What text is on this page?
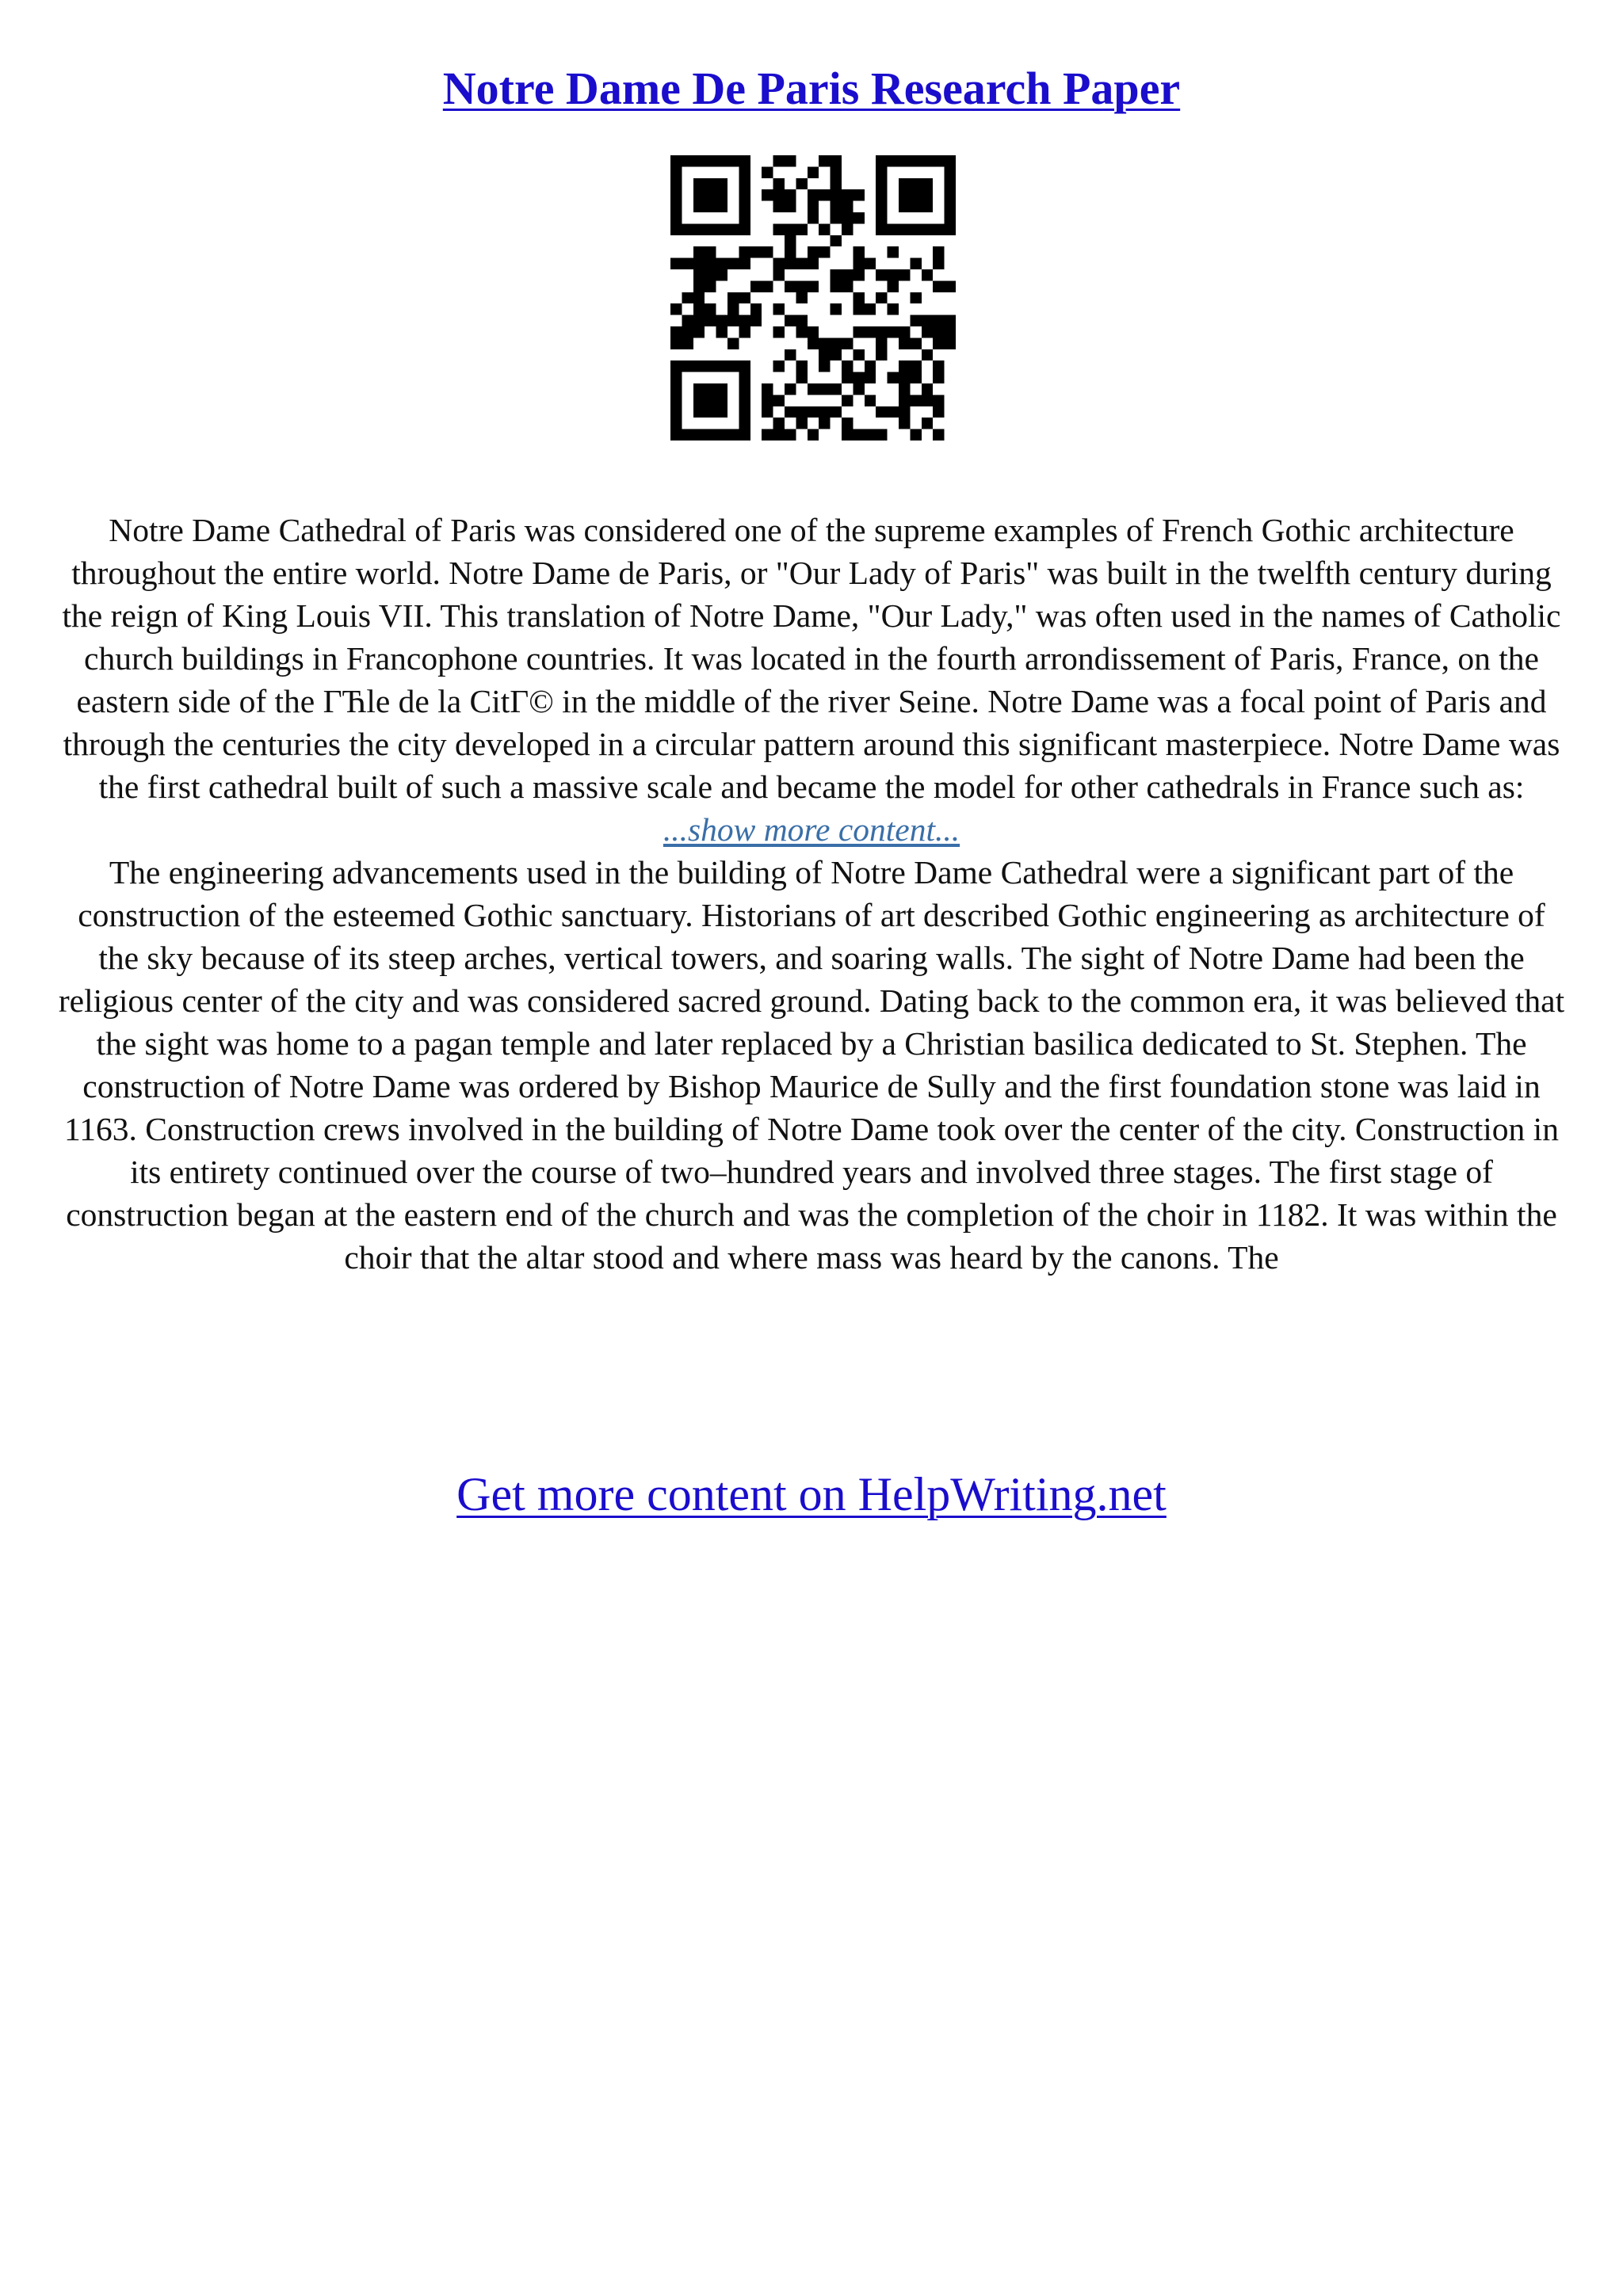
Notre Dame De Paris Research Paper

Notre Dame Cathedral of Paris was considered one of the supreme examples of French Gothic architecture throughout the entire world. Notre Dame de Paris, or "Our Lady of Paris" was built in the twelfth century during the reign of King Louis VII. This translation of Notre Dame, "Our Lady," was often used in the names of Catholic church buildings in Francophone countries. It was located in the fourth arrondissement of Paris, France, on the eastern side of the ГЋle de la CitГ© in the middle of the river Seine. Notre Dame was a focal point of Paris and through the centuries the city developed in a circular pattern around this significant masterpiece. Notre Dame was the first cathedral built of such a massive scale and became the model for other cathedrals in France such as:

...show more content...

The engineering advancements used in the building of Notre Dame Cathedral were a significant part of the construction of the esteemed Gothic sanctuary. Historians of art described Gothic engineering as architecture of the sky because of its steep arches, vertical towers, and soaring walls. The sight of Notre Dame had been the religious center of the city and was considered sacred ground. Dating back to the common era, it was believed that the sight was home to a pagan temple and later replaced by a Christian basilica dedicated to St. Stephen. The construction of Notre Dame was ordered by Bishop Maurice de Sully and the first foundation stone was laid in 1163. Construction crews involved in the building of Notre Dame took over the center of the city. Construction in its entirety continued over the course of two–hundred years and involved three stages. The first stage of construction began at the eastern end of the church and was the completion of the choir in 1182. It was within the choir that the altar stood and where mass was heard by the canons. The

Get more content on HelpWriting.net
